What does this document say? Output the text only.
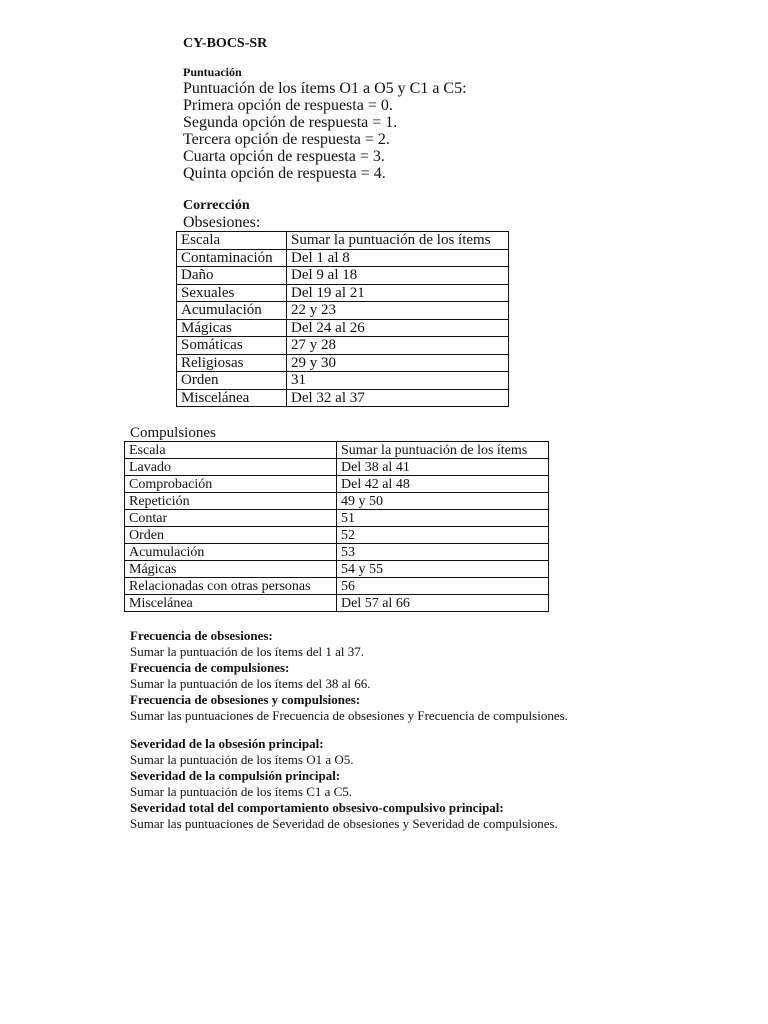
CY-BOCS-SR
Puntuación
Puntuación de los ítems O1 a O5 y C1 a C5:
Primera opción de respuesta = 0.
Segunda opción de respuesta = 1.
Tercera opción de respuesta = 2.
Cuarta opción de respuesta = 3.
Quinta opción de respuesta = 4.
Corrección
Obsesiones:
Escala	Sumar la puntuación de los ítems
Contaminación	Del 1 al 8
Daño	Del 9 al 18
Sexuales	Del 19 al 21
Acumulación	22 y 23
Mágicas	Del 24 al 26
Somáticas	27 y 28
Religiosas	29 y 30
Orden	31
Miscelánea	Del 32 al 37
Compulsiones
Escala	Sumar la puntuación de los ítems
Lavado	Del 38 al 41
Comprobación	Del 42 al 48
Repetición	49 y 50
Contar	51
Orden	52
Acumulación	53
Mágicas	54 y 55
Relacionadas con otras personas	56
Miscelánea	Del 57 al 66
Frecuencia de obsesiones:
Sumar la puntuación de los ítems del 1 al 37.
Frecuencia de compulsiones:
Sumar la puntuación de los ítems del 38 al 66.
Frecuencia de obsesiones y compulsiones:
Sumar las puntuaciones de Frecuencia de obsesiones y Frecuencia de compulsiones.
Severidad de la obsesión principal:
Sumar la puntuación de los ítems O1 a O5.
Severidad de la compulsión principal:
Sumar la puntuación de los ítems C1 a C5.
Severidad total del comportamiento obsesivo-compulsivo principal:
Sumar las puntuaciones de Severidad de obsesiones y Severidad de compulsiones.
